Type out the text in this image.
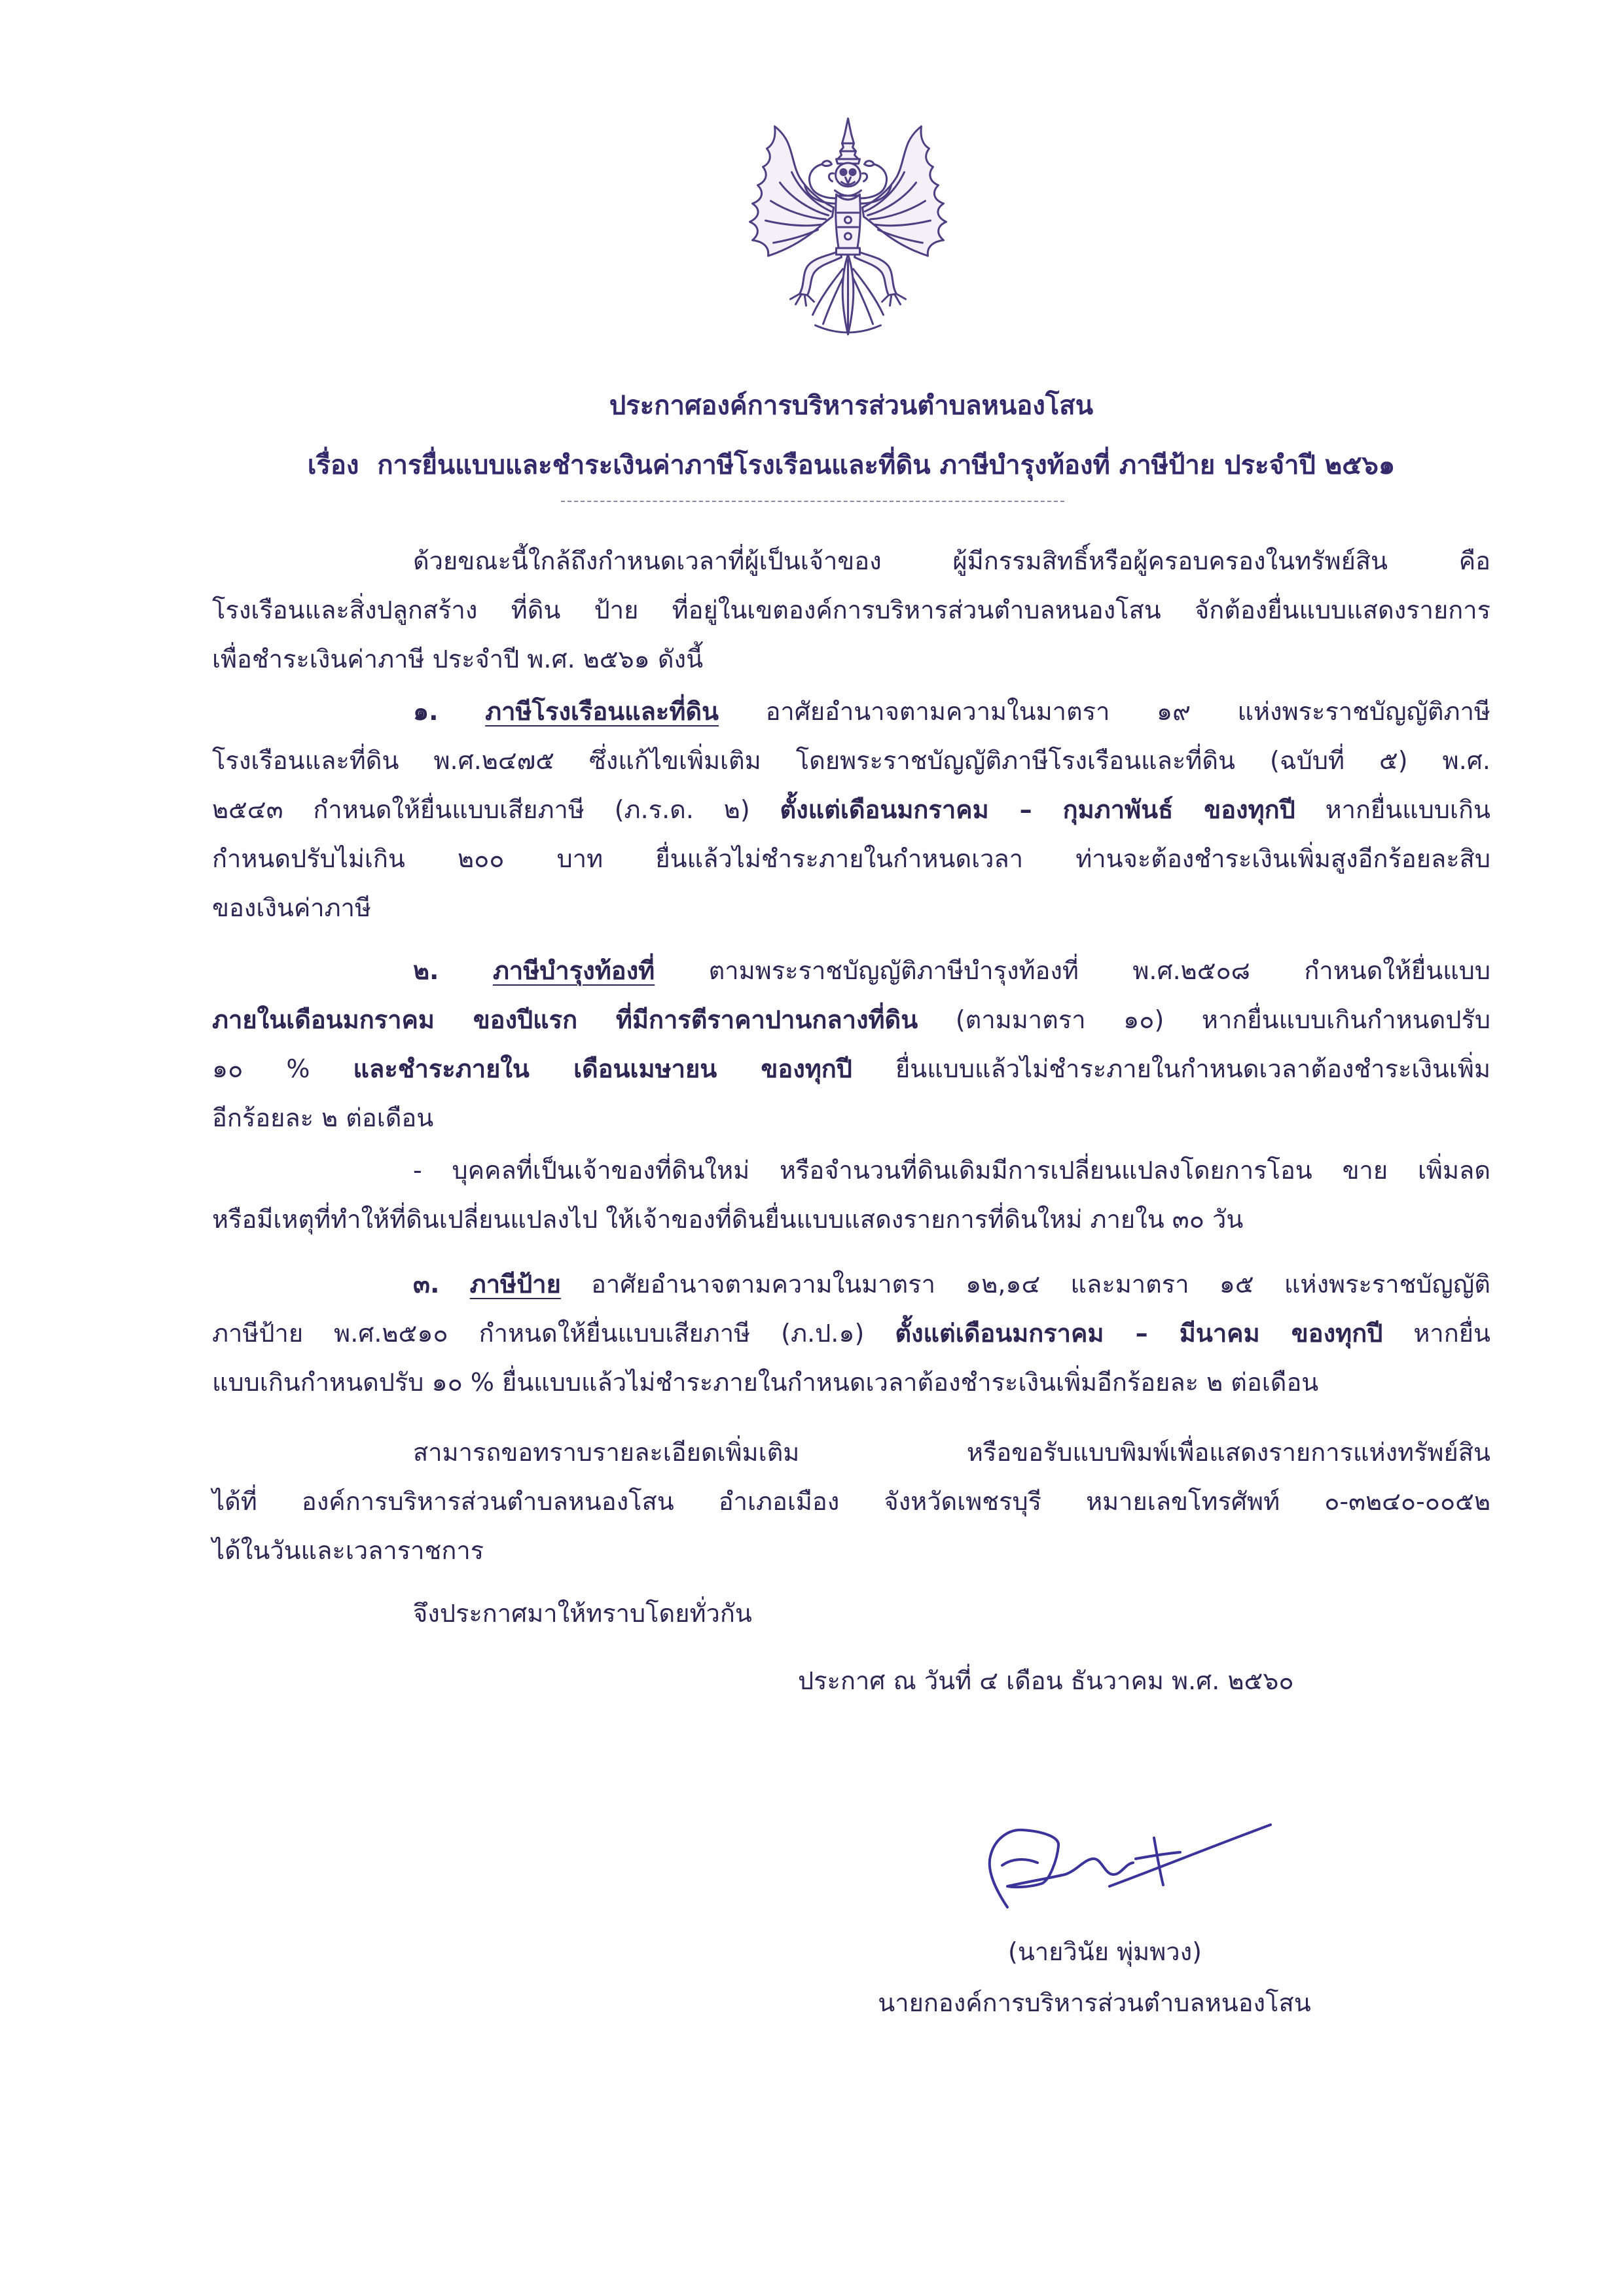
ประกาศองค์การบริหารส่วนตำบลหนองโสน
เรื่อง การยื่นแบบและชำระเงินค่าภาษีโรงเรือนและที่ดิน ภาษีบำรุงท้องที่ ภาษีป้าย ประจำปี ๒๕๖๑
ด้วยขณะนี้ใกล้ถึงกำหนดเวลาที่ผู้เป็นเจ้าของ ผู้มีกรรมสิทธิ์หรือผู้ครอบครองในทรัพย์สิน คือ
โรงเรือนและสิ่งปลูกสร้าง ที่ดิน ป้าย ที่อยู่ในเขตองค์การบริหารส่วนตำบลหนองโสน จักต้องยื่นแบบแสดงรายการ
เพื่อชำระเงินค่าภาษี ประจำปี พ.ศ. ๒๕๖๑ ดังนี้
๑. ภาษีโรงเรือนและที่ดิน อาศัยอำนาจตามความในมาตรา ๑๙ แห่งพระราชบัญญัติภาษี
โรงเรือนและที่ดิน พ.ศ.๒๔๗๕ ซึ่งแก้ไขเพิ่มเติม โดยพระราชบัญญัติภาษีโรงเรือนและที่ดิน (ฉบับที่ ๕) พ.ศ.
๒๕๔๓ กำหนดให้ยื่นแบบเสียภาษี (ภ.ร.ด. ๒) ตั้งแต่เดือนมกราคม – กุมภาพันธ์ ของทุกปี หากยื่นแบบเกิน
กำหนดปรับไม่เกิน ๒๐๐ บาท ยื่นแล้วไม่ชำระภายในกำหนดเวลา ท่านจะต้องชำระเงินเพิ่มสูงอีกร้อยละสิบ
ของเงินค่าภาษี
๒. ภาษีบำรุงท้องที่ ตามพระราชบัญญัติภาษีบำรุงท้องที่ พ.ศ.๒๕๐๘ กำหนดให้ยื่นแบบ
ภายในเดือนมกราคม ของปีแรก ที่มีการตีราคาปานกลางที่ดิน (ตามมาตรา ๑๐) หากยื่นแบบเกินกำหนดปรับ
๑๐ % และชำระภายใน เดือนเมษายน ของทุกปี ยื่นแบบแล้วไม่ชำระภายในกำหนดเวลาต้องชำระเงินเพิ่ม
อีกร้อยละ ๒ ต่อเดือน
- บุคคลที่เป็นเจ้าของที่ดินใหม่ หรือจำนวนที่ดินเดิมมีการเปลี่ยนแปลงโดยการโอน ขาย เพิ่มลด
หรือมีเหตุที่ทำให้ที่ดินเปลี่ยนแปลงไป ให้เจ้าของที่ดินยื่นแบบแสดงรายการที่ดินใหม่ ภายใน ๓๐ วัน
๓. ภาษีป้าย อาศัยอำนาจตามความในมาตรา ๑๒,๑๔ และมาตรา ๑๕ แห่งพระราชบัญญัติ
ภาษีป้าย พ.ศ.๒๕๑๐ กำหนดให้ยื่นแบบเสียภาษี (ภ.ป.๑) ตั้งแต่เดือนมกราคม – มีนาคม ของทุกปี หากยื่น
แบบเกินกำหนดปรับ ๑๐ % ยื่นแบบแล้วไม่ชำระภายในกำหนดเวลาต้องชำระเงินเพิ่มอีกร้อยละ ๒ ต่อเดือน
สามารถขอทราบรายละเอียดเพิ่มเติม หรือขอรับแบบพิมพ์เพื่อแสดงรายการแห่งทรัพย์สิน
ได้ที่ องค์การบริหารส่วนตำบลหนองโสน อำเภอเมือง จังหวัดเพชรบุรี หมายเลขโทรศัพท์ ๐-๓๒๔๐-๐๐๕๒
ได้ในวันและเวลาราชการ
จึงประกาศมาให้ทราบโดยทั่วกัน
ประกาศ ณ วันที่ ๔ เดือน ธันวาคม พ.ศ. ๒๕๖๐
(นายวินัย พุ่มพวง)
นายกองค์การบริหารส่วนตำบลหนองโสน
